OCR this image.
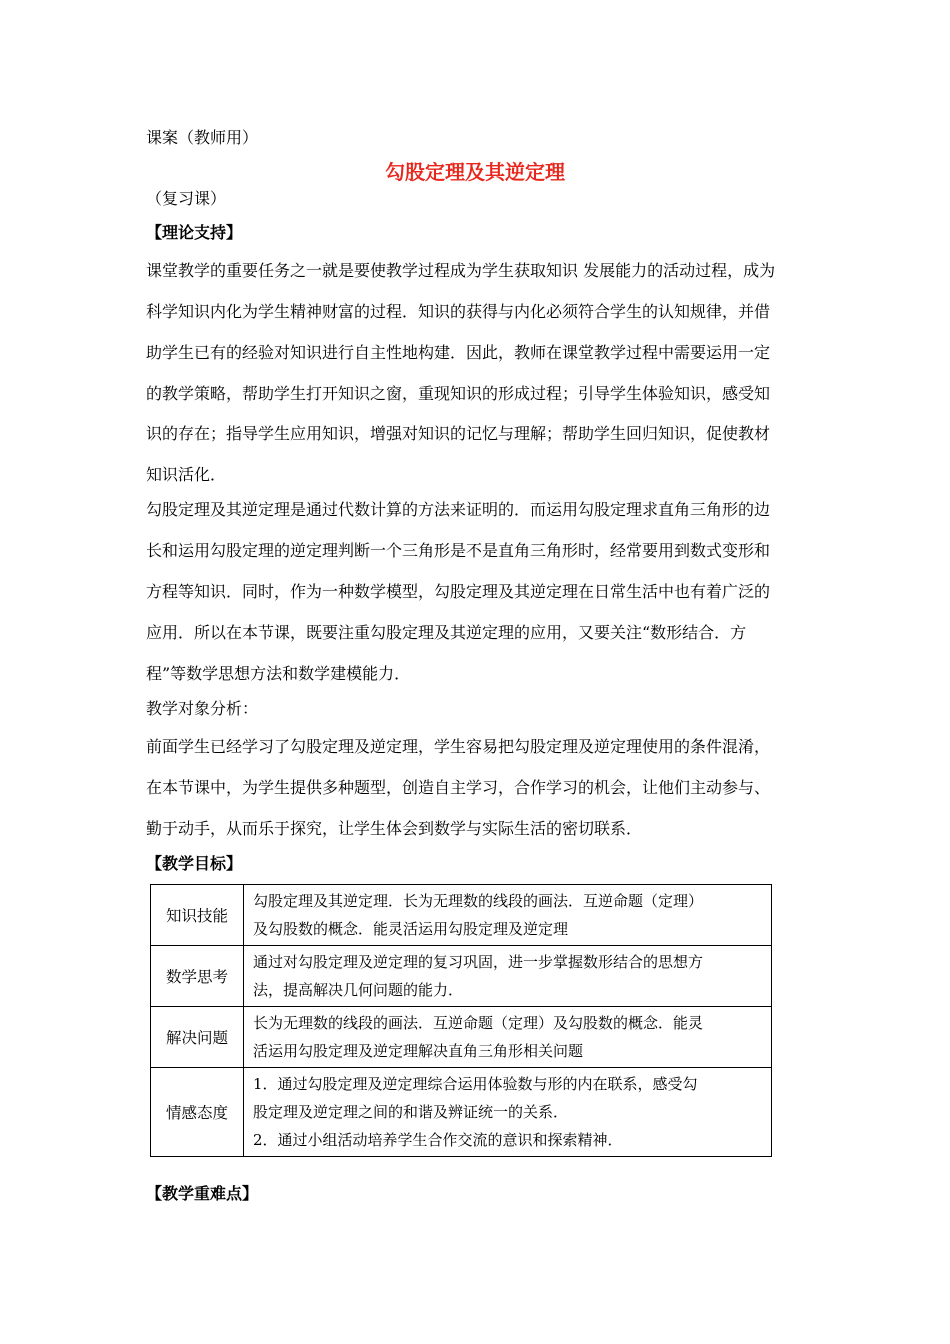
课案（教师用）
勾股定理及其逆定理
（复习课）
【理论支持】
课堂教学的重要任务之一就是要使教学过程成为学生获取知识 发展能力的活动过程，成为
科学知识内化为学生精神财富的过程．知识的获得与内化必须符合学生的认知规律，并借
助学生已有的经验对知识进行自主性地构建．因此，教师在课堂教学过程中需要运用一定
的教学策略，帮助学生打开知识之窗，重现知识的形成过程；引导学生体验知识，感受知
识的存在；指导学生应用知识，增强对知识的记忆与理解；帮助学生回归知识，促使教材
知识活化．
勾股定理及其逆定理是通过代数计算的方法来证明的．而运用勾股定理求直角三角形的边
长和运用勾股定理的逆定理判断一个三角形是不是直角三角形时，经常要用到数式变形和
方程等知识．同时，作为一种数学模型，勾股定理及其逆定理在日常生活中也有着广泛的
应用．所以在本节课，既要注重勾股定理及其逆定理的应用，又要关注“数形结合．方
程”等数学思想方法和数学建模能力．
教学对象分析：
前面学生已经学习了勾股定理及逆定理，学生容易把勾股定理及逆定理使用的条件混淆，
在本节课中，为学生提供多种题型，创造自主学习，合作学习的机会，让他们主动参与、
勤于动手，从而乐于探究，让学生体会到数学与实际生活的密切联系．
【教学目标】
知识技能	勾股定理及其逆定理．长为无理数的线段的画法．互逆命题（定理）
及勾股数的概念．能灵活运用勾股定理及逆定理

数学思考	通过对勾股定理及逆定理的复习巩固，进一步掌握数形结合的思想方
法，提高解决几何问题的能力．

解决问题	长为无理数的线段的画法．互逆命题（定理）及勾股数的概念．能灵
活运用勾股定理及逆定理解决直角三角形相关问题

情感态度	1．通过勾股定理及逆定理综合运用体验数与形的内在联系，感受勾
股定理及逆定理之间的和谐及辨证统一的关系．
2．通过小组活动培养学生合作交流的意识和探索精神．
【教学重难点】
